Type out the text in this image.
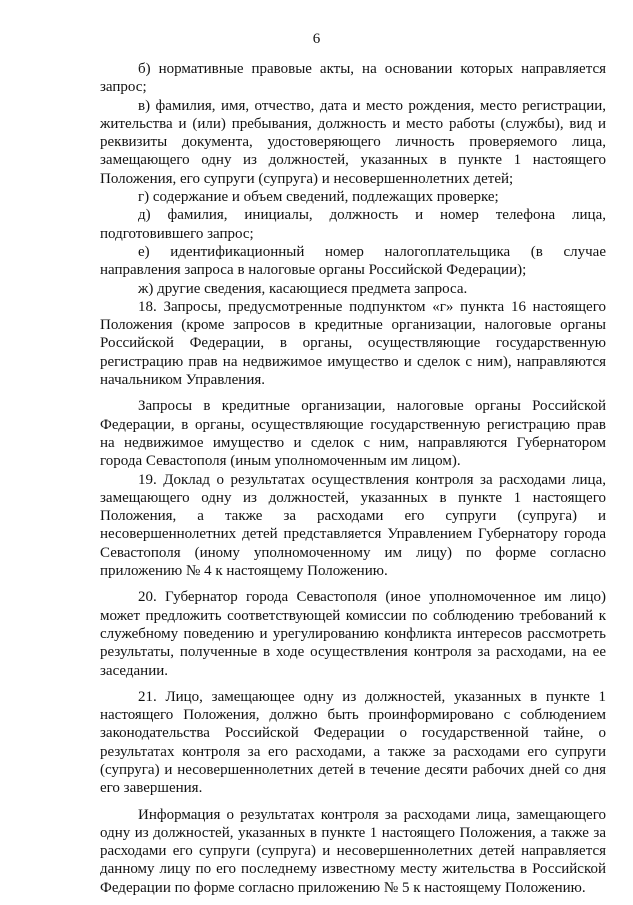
6

б) нормативные правовые акты, на основании которых направляется запрос;

в) фамилия, имя, отчество, дата и место рождения, место регистрации, жительства и (или) пребывания, должность и место работы (службы), вид и реквизиты документа, удостоверяющего личность проверяемого лица, замещающего одну из должностей, указанных в пункте 1 настоящего Положения, его супруги (супруга) и несовершеннолетних детей;

г) содержание и объем сведений, подлежащих проверке;

д) фамилия, инициалы, должность и номер телефона лица, подготовившего запрос;

е) идентификационный номер налогоплательщика (в случае направления запроса в налоговые органы Российской Федерации);

ж) другие сведения, касающиеся предмета запроса.

18. Запросы, предусмотренные подпунктом «г» пункта 16 настоящего Положения (кроме запросов в кредитные организации, налоговые органы Российской Федерации, в органы, осуществляющие государственную регистрацию прав на недвижимое имущество и сделок с ним), направляются начальником Управления.

Запросы в кредитные организации, налоговые органы Российской Федерации, в органы, осуществляющие государственную регистрацию прав на недвижимое имущество и сделок с ним, направляются Губернатором города Севастополя (иным уполномоченным им лицом).

19. Доклад о результатах осуществления контроля за расходами лица, замещающего одну из должностей, указанных в пункте 1 настоящего Положения, а также за расходами его супруги (супруга) и несовершеннолетних детей представляется Управлением Губернатору города Севастополя (иному уполномоченному им лицу) по форме согласно приложению № 4 к настоящему Положению.

20. Губернатор города Севастополя (иное уполномоченное им лицо) может предложить соответствующей комиссии по соблюдению требований к служебному поведению и урегулированию конфликта интересов рассмотреть результаты, полученные в ходе осуществления контроля за расходами, на ее заседании.

21. Лицо, замещающее одну из должностей, указанных в пункте 1 настоящего Положения, должно быть проинформировано с соблюдением законодательства Российской Федерации о государственной тайне, о результатах контроля за его расходами, а также за расходами его супруги (супруга) и несовершеннолетних детей в течение десяти рабочих дней со дня его завершения.

Информация о результатах контроля за расходами лица, замещающего одну из должностей, указанных в пункте 1 настоящего Положения, а также за расходами его супруги (супруга) и несовершеннолетних детей направляется данному лицу по его последнему известному месту жительства в Российской Федерации по форме согласно приложению № 5 к настоящему Положению.
